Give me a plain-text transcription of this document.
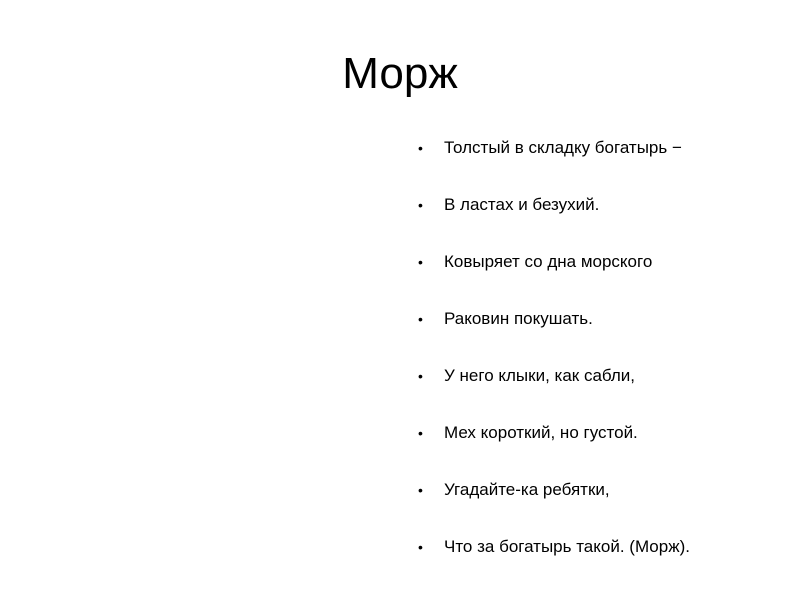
Морж
• Толстый в складку богатырь −
• В ластах и безухий.
• Ковыряет со дна морского
• Раковин покушать.
• У него клыки, как сабли,
• Мех короткий, но густой.
• Угадайте-ка ребятки,
• Что за богатырь такой. (Морж).
